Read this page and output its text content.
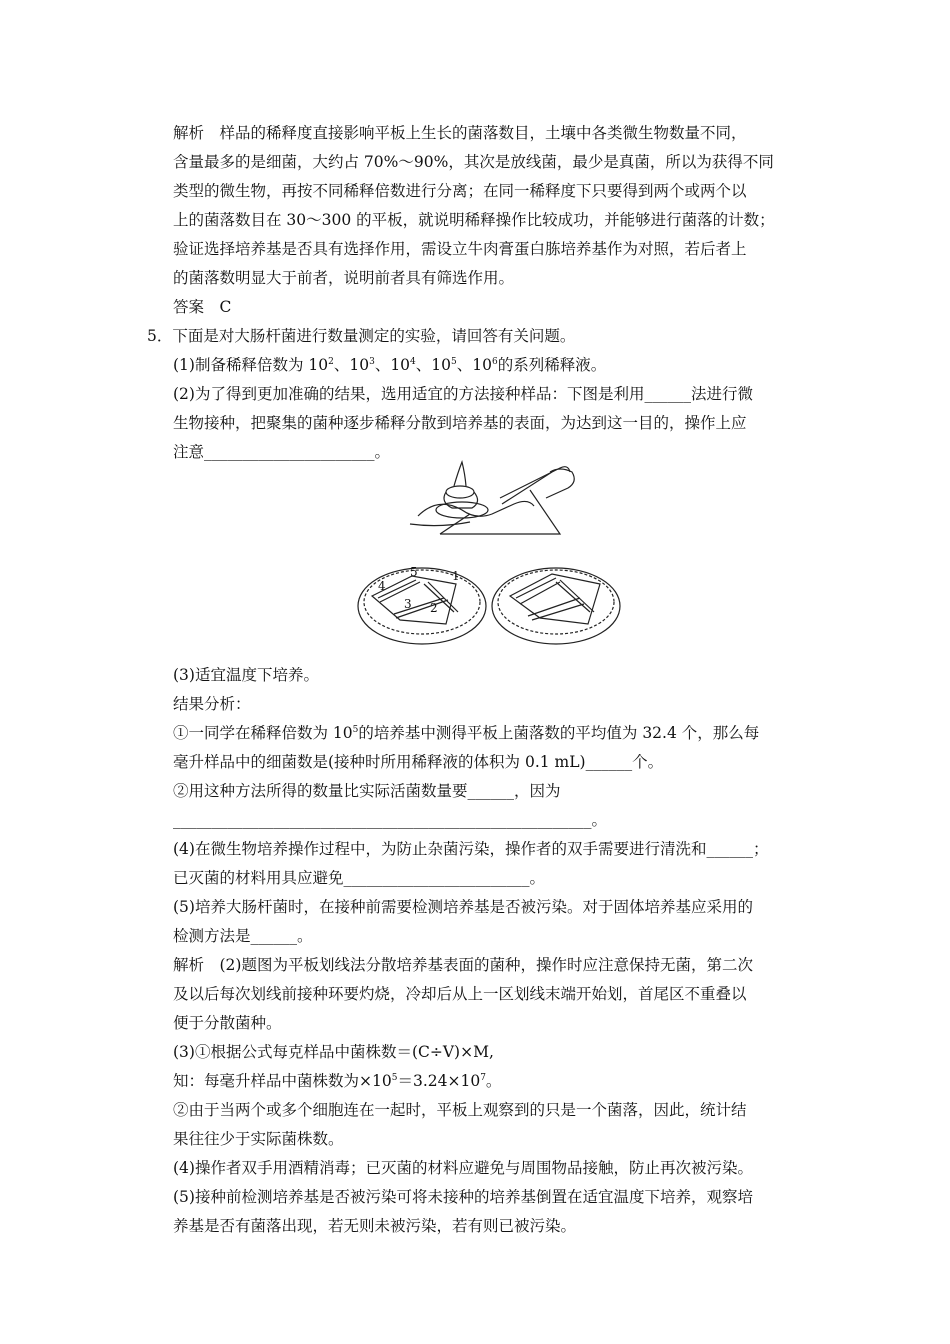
解析　样品的稀释度直接影响平板上生长的菌落数目，土壤中各类微生物数量不同，
含量最多的是细菌，大约占 70%～90%，其次是放线菌，最少是真菌，所以为获得不同
类型的微生物，再按不同稀释倍数进行分离；在同一稀释度下只要得到两个或两个以
上的菌落数目在 30～300 的平板，就说明稀释操作比较成功，并能够进行菌落的计数；
验证选择培养基是否具有选择作用，需设立牛肉膏蛋白胨培养基作为对照，若后者上
的菌落数明显大于前者，说明前者具有筛选作用。
答案　C
5．下面是对大肠杆菌进行数量测定的实验，请回答有关问题。
(1)制备稀释倍数为 $10^2$、$10^3$、$10^4$、$10^5$、$10^6$的系列稀释液。
(2)为了得到更加准确的结果，选用适宜的方法接种样品：下图是利用______法进行微
生物接种，把聚集的菌种逐步稀释分散到培养基的表面，为达到这一目的，操作上应
注意______________________。
5
4
3 2
1
(3)适宜温度下培养。
结果分析：
①一同学在稀释倍数为 $10^5$的培养基中测得平板上菌落数的平均值为 32.4 个，那么每
毫升样品中的细菌数是(接种时所用稀释液的体积为 0.1 mL)______个。
②用这种方法所得的数量比实际活菌数量要______，因为
______________________________________________________。
(4)在微生物培养操作过程中，为防止杂菌污染，操作者的双手需要进行清洗和______；
已灭菌的材料用具应避免________________________。
(5)培养大肠杆菌时，在接种前需要检测培养基是否被污染。对于固体培养基应采用的
检测方法是______。
解析　(2)题图为平板划线法分散培养基表面的菌种，操作时应注意保持无菌，第二次
及以后每次划线前接种环要灼烧，冷却后从上一区划线末端开始划，首尾区不重叠以
便于分散菌种。
(3)①根据公式每克样品中菌株数＝(C÷V)×M,
知：每毫升样品中菌株数为$\times 10^5=3.24\times 10^7$。
②由于当两个或多个细胞连在一起时，平板上观察到的只是一个菌落，因此，统计结
果往往少于实际菌株数。
(4)操作者双手用酒精消毒；已灭菌的材料应避免与周围物品接触，防止再次被污染。
(5)接种前检测培养基是否被污染可将未接种的培养基倒置在适宜温度下培养，观察培
养基是否有菌落出现，若无则未被污染，若有则已被污染。
